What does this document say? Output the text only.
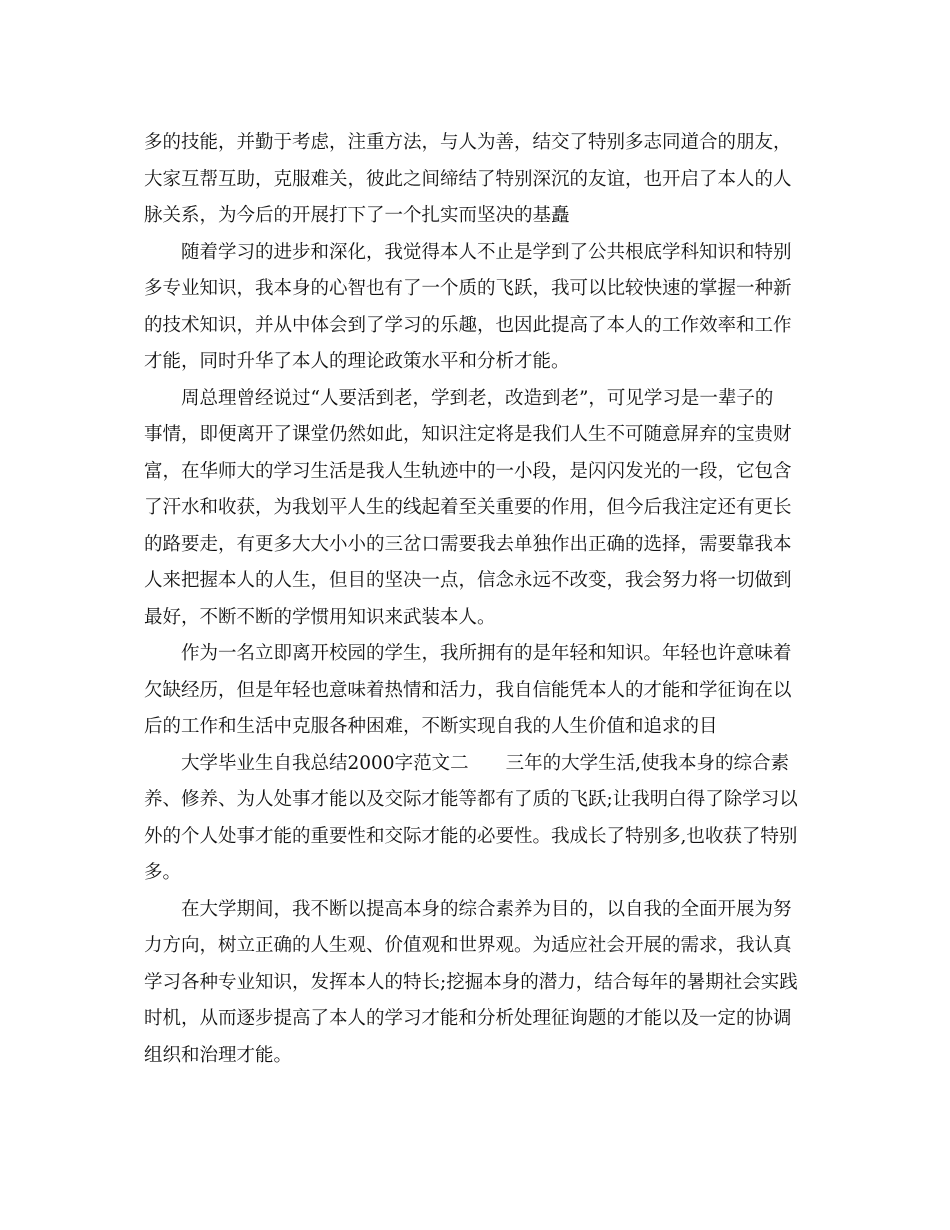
多的技能，并勤于考虑，注重方法，与人为善，结交了特别多志同道合的朋友，
大家互帮互助，克服难关，彼此之间缔结了特别深沉的友谊，也开启了本人的人
脉关系，为今后的开展打下了一个扎实而坚决的基矗

随着学习的进步和深化，我觉得本人不止是学到了公共根底学科知识和特别
多专业知识，我本身的心智也有了一个质的飞跃，我可以比较快速的掌握一种新
的技术知识，并从中体会到了学习的乐趣，也因此提高了本人的工作效率和工作
才能，同时升华了本人的理论政策水平和分析才能。

周总理曾经说过“人要活到老，学到老，改造到老”，可见学习是一辈子的
事情，即便离开了课堂仍然如此，知识注定将是我们人生不可随意屏弃的宝贵财
富，在华师大的学习生活是我人生轨迹中的一小段，是闪闪发光的一段，它包含
了汗水和收获，为我划平人生的线起着至关重要的作用，但今后我注定还有更长
的路要走，有更多大大小小的三岔口需要我去单独作出正确的选择，需要靠我本
人来把握本人的人生，但目的坚决一点，信念永远不改变，我会努力将一切做到
最好，不断不断的学惯用知识来武装本人。

作为一名立即离开校园的学生，我所拥有的是年轻和知识。年轻也许意味着
欠缺经历，但是年轻也意味着热情和活力，我自信能凭本人的才能和学征询在以
后的工作和生活中克服各种困难，不断实现自我的人生价值和追求的目

大学毕业生自我总结2000字范文二　　三年的大学生活,使我本身的综合素
养、修养、为人处事才能以及交际才能等都有了质的飞跃;让我明白得了除学习以
外的个人处事才能的重要性和交际才能的必要性。我成长了特别多,也收获了特别
多。

在大学期间，我不断以提高本身的综合素养为目的，以自我的全面开展为努
力方向，树立正确的人生观、价值观和世界观。为适应社会开展的需求，我认真
学习各种专业知识，发挥本人的特长;挖掘本身的潜力，结合每年的暑期社会实践
时机，从而逐步提高了本人的学习才能和分析处理征询题的才能以及一定的协调
组织和治理才能。
